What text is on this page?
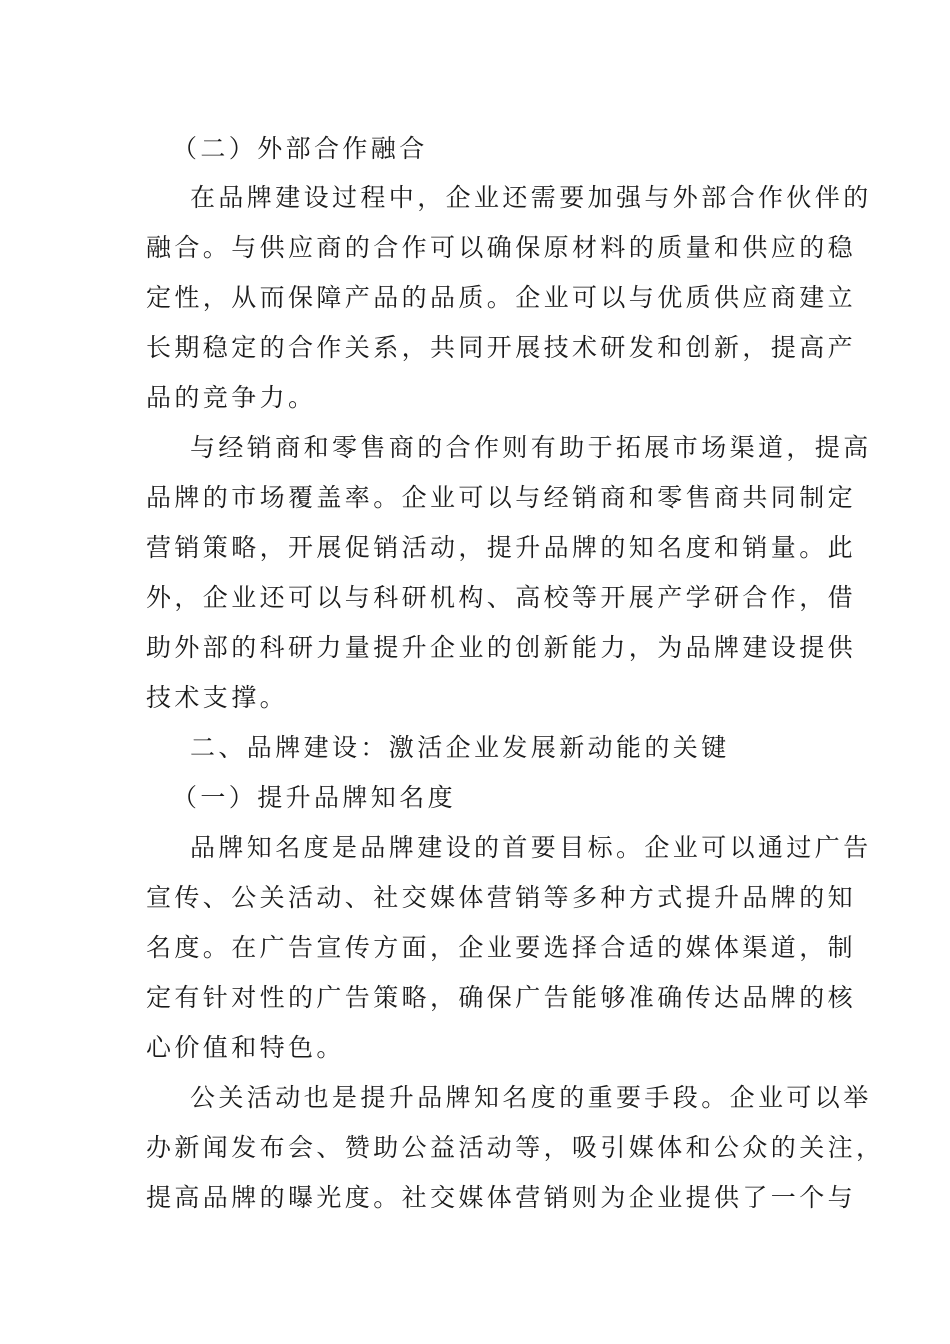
（二）外部合作融合
在品牌建设过程中，企业还需要加强与外部合作伙伴的
融合。与供应商的合作可以确保原材料的质量和供应的稳
定性，从而保障产品的品质。企业可以与优质供应商建立
长期稳定的合作关系，共同开展技术研发和创新，提高产
品的竞争力。
与经销商和零售商的合作则有助于拓展市场渠道，提高
品牌的市场覆盖率。企业可以与经销商和零售商共同制定
营销策略，开展促销活动，提升品牌的知名度和销量。此
外，企业还可以与科研机构、高校等开展产学研合作，借
助外部的科研力量提升企业的创新能力，为品牌建设提供
技术支撑。
二、品牌建设：激活企业发展新动能的关键
（一）提升品牌知名度
品牌知名度是品牌建设的首要目标。企业可以通过广告
宣传、公关活动、社交媒体营销等多种方式提升品牌的知
名度。在广告宣传方面，企业要选择合适的媒体渠道，制
定有针对性的广告策略，确保广告能够准确传达品牌的核
心价值和特色。
公关活动也是提升品牌知名度的重要手段。企业可以举
办新闻发布会、赞助公益活动等，吸引媒体和公众的关注，
提高品牌的曝光度。社交媒体营销则为企业提供了一个与
